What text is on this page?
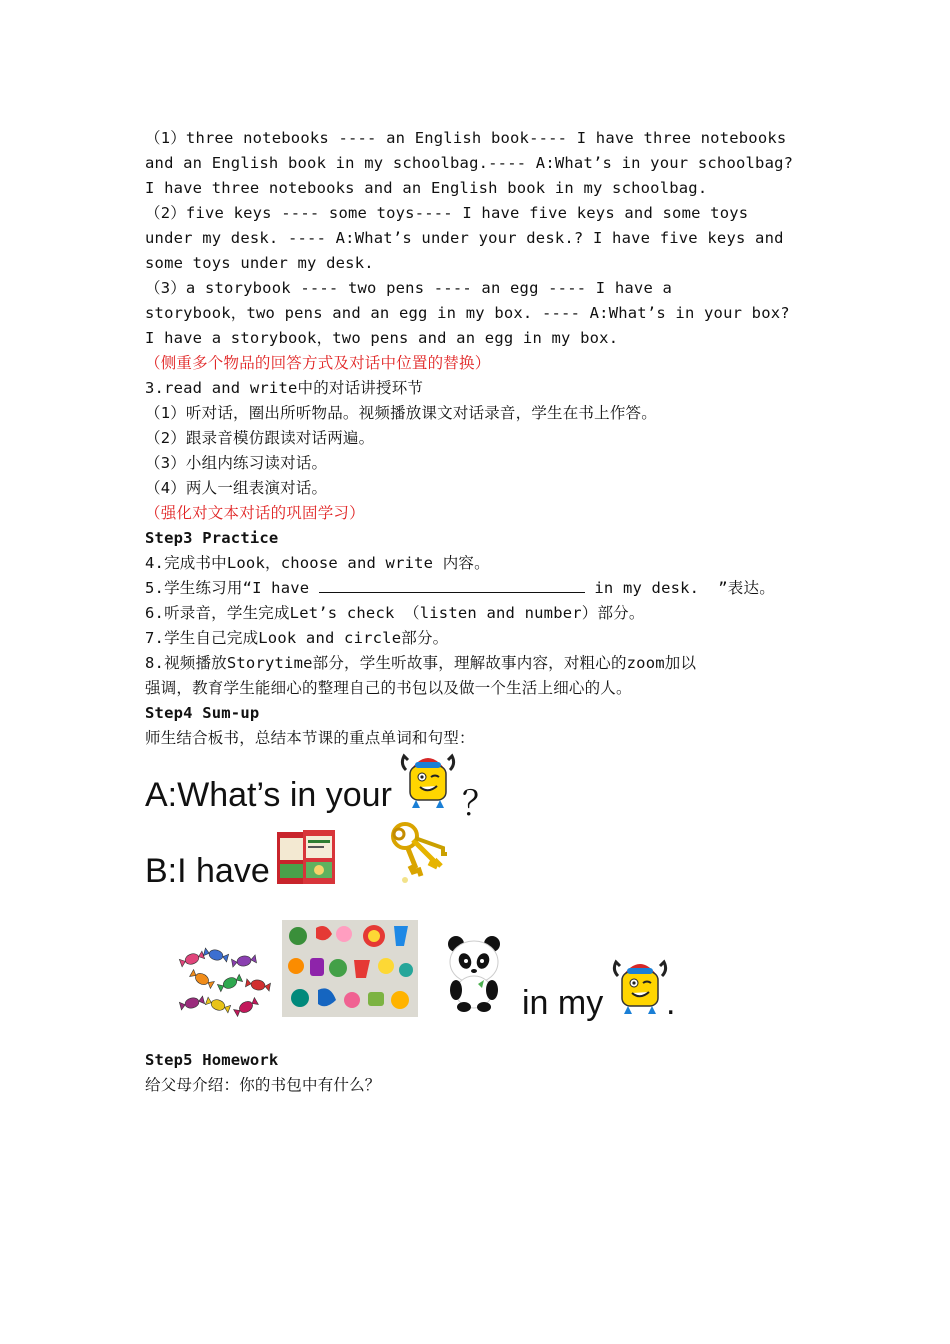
（1）three notebooks ---- an English book---- I have three notebooks
and an English book in my schoolbag.---- A:What’s in your schoolbag?
I have three notebooks and an English book in my schoolbag.
（2）five keys ---- some toys---- I have five keys and some toys
under my desk. ---- A:What’s under your desk.? I have five keys and
some toys under my desk.
（3）a storybook ---- two pens ---- an egg ---- I have a
storybook，two pens and an egg in my box. ---- A:What’s in your box?
I have a storybook，two pens and an egg in my box.
（侧重多个物品的回答方式及对话中位置的替换）
3.read and write中的对话讲授环节
（1）听对话，圈出所听物品。视频播放课文对话录音，学生在书上作答。
（2）跟录音模仿跟读对话两遍。
（3）小组内练习读对话。
（4）两人一组表演对话。
（强化对文本对话的巩固学习）
Step3 Practice
4.完成书中Look，choose and write 内容。
5.学生练习用“I have	in my desk.  ”表达。
6.听录音，学生完成Let’s check （listen and number）部分。
7.学生自己完成Look and circle部分。
8.视频播放Storytime部分，学生听故事，理解故事内容，对粗心的zoom加以
强调，教育学生能细心的整理自己的书包以及做一个生活上细心的人。
Step4 Sum-up
师生结合板书，总结本节课的重点单词和句型：
A:What’s in your ？
B:I have
in my .
Step5 Homework
给父母介绍：你的书包中有什么？
